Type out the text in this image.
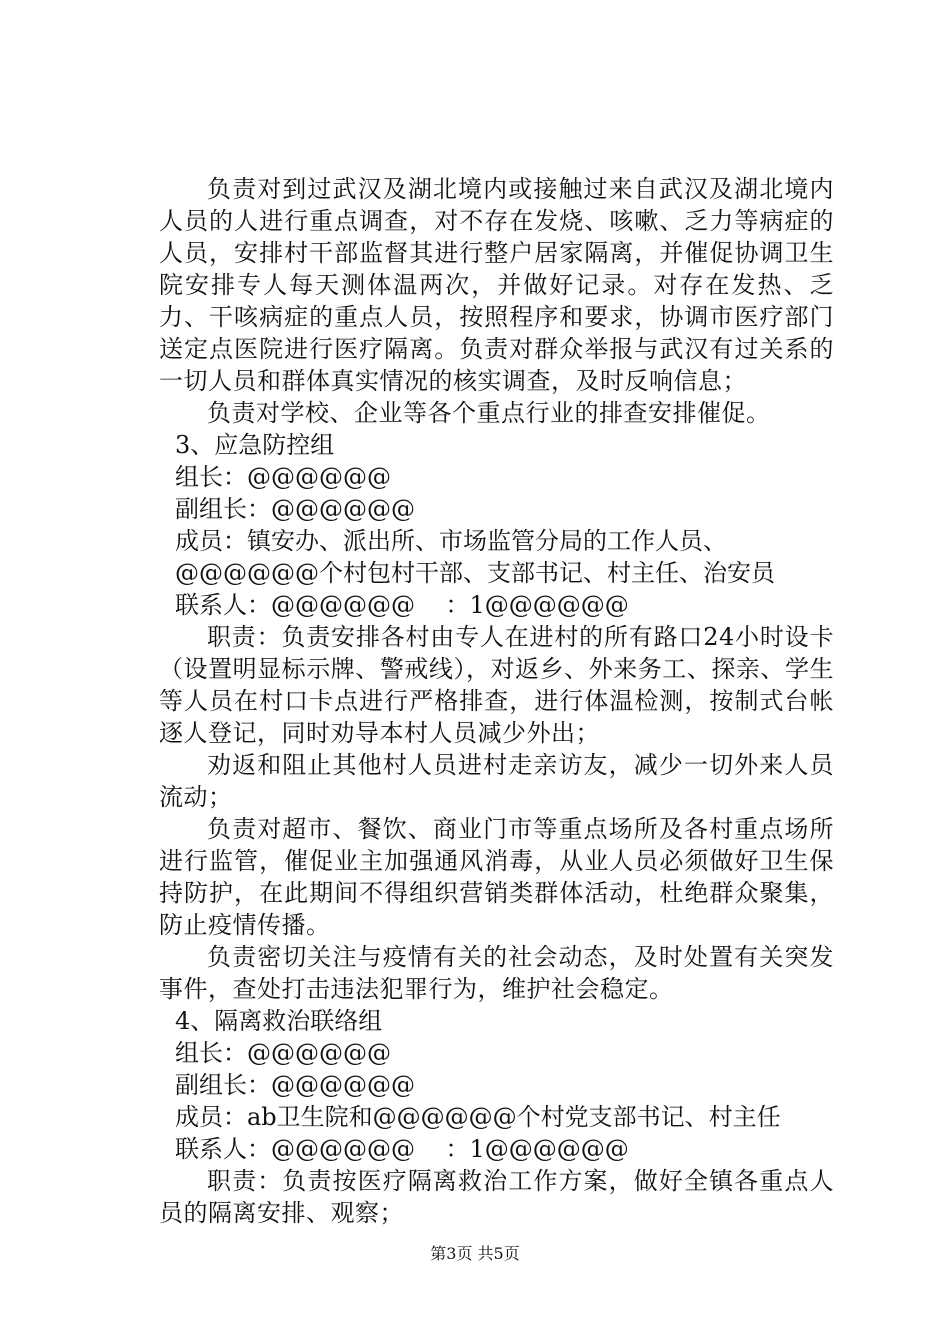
负责对到过武汉及湖北境内或接触过来自武汉及湖北境内人员的人进行重点调查，对不存在发烧、咳嗽、乏力等病症的人员，安排村干部监督其进行整户居家隔离，并催促协调卫生院安排专人每天测体温两次，并做好记录。对存在发热、乏力、干咳病症的重点人员，按照程序和要求，协调市医疗部门送定点医院进行医疗隔离。负责对群众举报与武汉有过关系的一切人员和群体真实情况的核实调查，及时反响信息；

负责对学校、企业等各个重点行业的排查安排催促。

3、应急防控组

组长：@@@@@@

副组长：@@@@@@

成员：镇安办、派出所、市场监管分局的工作人员、

@@@@@@个村包村干部、支部书记、村主任、治安员

联系人：@@@@@@    ：1@@@@@@

职责：负责安排各村由专人在进村的所有路口24小时设卡（设置明显标示牌、警戒线），对返乡、外来务工、探亲、学生等人员在村口卡点进行严格排查，进行体温检测，按制式台帐逐人登记，同时劝导本村人员减少外出；

劝返和阻止其他村人员进村走亲访友，减少一切外来人员流动；

负责对超市、餐饮、商业门市等重点场所及各村重点场所进行监管，催促业主加强通风消毒，从业人员必须做好卫生保持防护，在此期间不得组织营销类群体活动，杜绝群众聚集，防止疫情传播。

负责密切关注与疫情有关的社会动态，及时处置有关突发事件，查处打击违法犯罪行为，维护社会稳定。

4、隔离救治联络组

组长：@@@@@@

副组长：@@@@@@

成员：ab卫生院和@@@@@@个村党支部书记、村主任

联系人：@@@@@@    ：1@@@@@@

职责：负责按医疗隔离救治工作方案，做好全镇各重点人员的隔离安排、观察；

第3页 共5页
